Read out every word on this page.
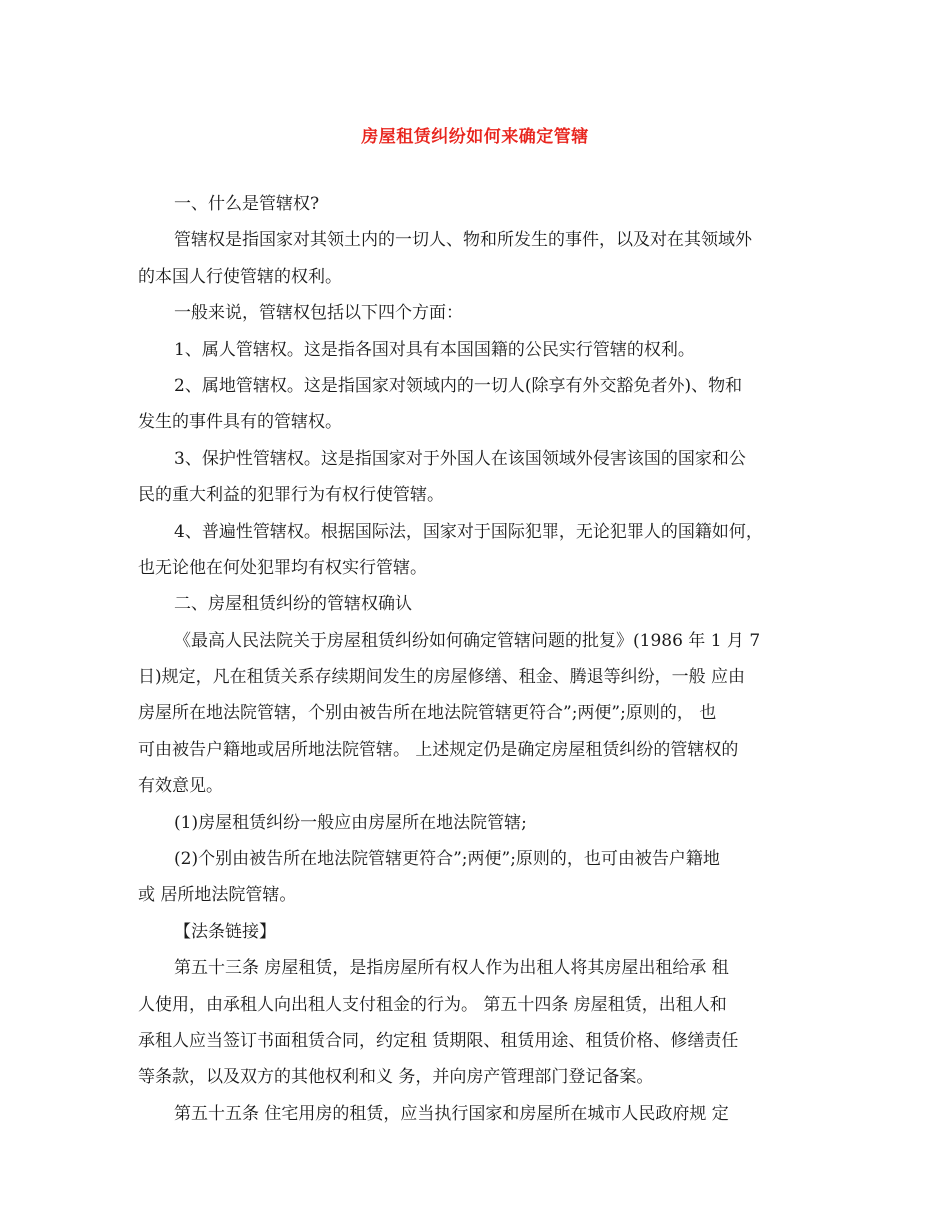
房屋租赁纠纷如何来确定管辖
一、什么是管辖权?
管辖权是指国家对其领土内的一切人、物和所发生的事件，以及对在其领域外
的本国人行使管辖的权利。
一般来说，管辖权包括以下四个方面：
1、属人管辖权。这是指各国对具有本国国籍的公民实行管辖的权利。
2、属地管辖权。这是指国家对领域内的一切人(除享有外交豁免者外)、物和
发生的事件具有的管辖权。
3、保护性管辖权。这是指国家对于外国人在该国领域外侵害该国的国家和公
民的重大利益的犯罪行为有权行使管辖。
4、普遍性管辖权。根据国际法，国家对于国际犯罪，无论犯罪人的国籍如何，
也无论他在何处犯罪均有权实行管辖。
二、房屋租赁纠纷的管辖权确认
《最高人民法院关于房屋租赁纠纷如何确定管辖问题的批复》(1986 年 1 月 7
日)规定，凡在租赁关系存续期间发生的房屋修缮、租金、腾退等纠纷，一般 应由
房屋所在地法院管辖，个别由被告所在地法院管辖更符合”;两便”;原则的， 也
可由被告户籍地或居所地法院管辖。 上述规定仍是确定房屋租赁纠纷的管辖权的
有效意见。
(1)房屋租赁纠纷一般应由房屋所在地法院管辖;
(2)个别由被告所在地法院管辖更符合”;两便”;原则的，也可由被告户籍地
或 居所地法院管辖。
【法条链接】
第五十三条 房屋租赁，是指房屋所有权人作为出租人将其房屋出租给承 租
人使用，由承租人向出租人支付租金的行为。 第五十四条 房屋租赁，出租人和
承租人应当签订书面租赁合同，约定租 赁期限、租赁用途、租赁价格、修缮责任
等条款，以及双方的其他权利和义 务，并向房产管理部门登记备案。
第五十五条 住宅用房的租赁，应当执行国家和房屋所在城市人民政府规 定
